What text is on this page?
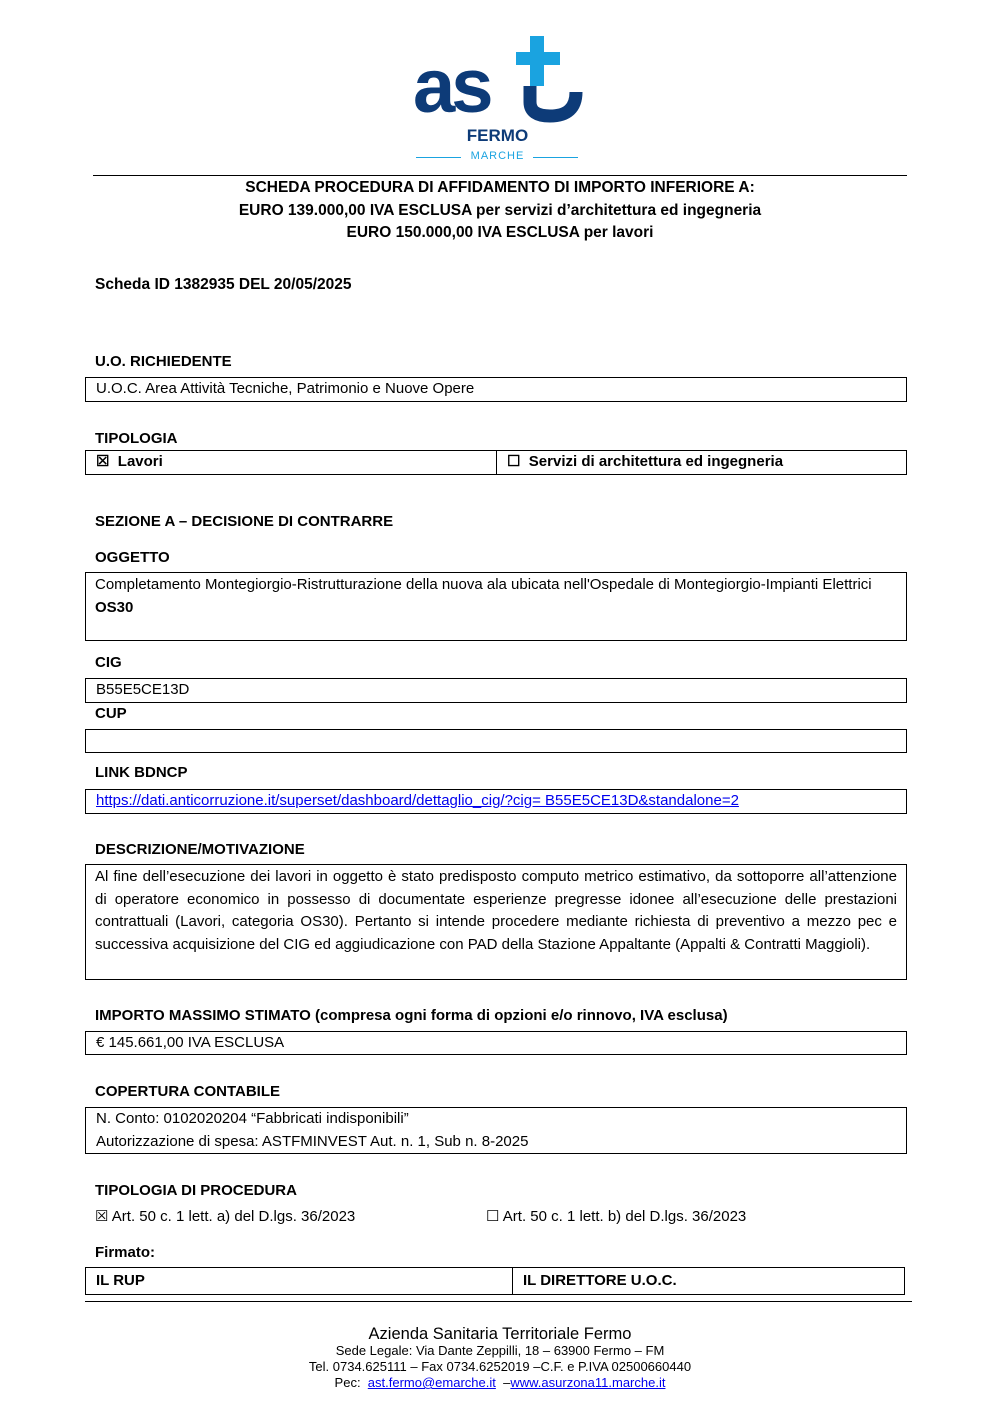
as
FERMO
MARCHE
SCHEDA PROCEDURA DI AFFIDAMENTO DI IMPORTO INFERIORE A:
EURO 139.000,00 IVA ESCLUSA per servizi d’architettura ed ingegneria
EURO 150.000,00 IVA ESCLUSA per lavori
Scheda ID 1382935 DEL 20/05/2025
U.O. RICHIEDENTE
U.O.C. Area Attività Tecniche, Patrimonio e Nuove Opere
TIPOLOGIA
☒ Lavori	☐ Servizi di architettura ed ingegneria
SEZIONE A – DECISIONE DI CONTRARRE
OGGETTO
Completamento Montegiorgio-Ristrutturazione della nuova ala ubicata nell'Ospedale di Montegiorgio-Impianti Elettrici
OS30
CIG
B55E5CE13D
CUP
LINK BDNCP
https://dati.anticorruzione.it/superset/dashboard/dettaglio_cig/?cig= B55E5CE13D&standalone=2
DESCRIZIONE/MOTIVAZIONE
Al fine dell’esecuzione dei lavori in oggetto è stato predisposto computo metrico estimativo, da sottoporre all’attenzione di operatore economico in possesso di documentate esperienze pregresse idonee all’esecuzione delle prestazioni contrattuali (Lavori, categoria OS30). Pertanto si intende procedere mediante richiesta di preventivo a mezzo pec e successiva acquisizione del CIG ed aggiudicazione con PAD della Stazione Appaltante (Appalti & Contratti Maggioli).
IMPORTO MASSIMO STIMATO (compresa ogni forma di opzioni e/o rinnovo, IVA esclusa)
€ 145.661,00 IVA ESCLUSA
COPERTURA CONTABILE
N. Conto: 0102020204 “Fabbricati indisponibili”
Autorizzazione di spesa: ASTFMINVEST Aut. n. 1, Sub n. 8-2025
TIPOLOGIA DI PROCEDURA
☒ Art. 50 c. 1 lett. a) del D.lgs. 36/2023	☐ Art. 50 c. 1 lett. b) del D.lgs. 36/2023
Firmato:
IL RUP	IL DIRETTORE U.O.C.
Azienda Sanitaria Territoriale Fermo
Sede Legale: Via Dante Zeppilli, 18 – 63900 Fermo – FM
Tel. 0734.625111 – Fax 0734.6252019 –C.F. e P.IVA 02500660440
Pec: ast.fermo@emarche.it –www.asurzona11.marche.it
